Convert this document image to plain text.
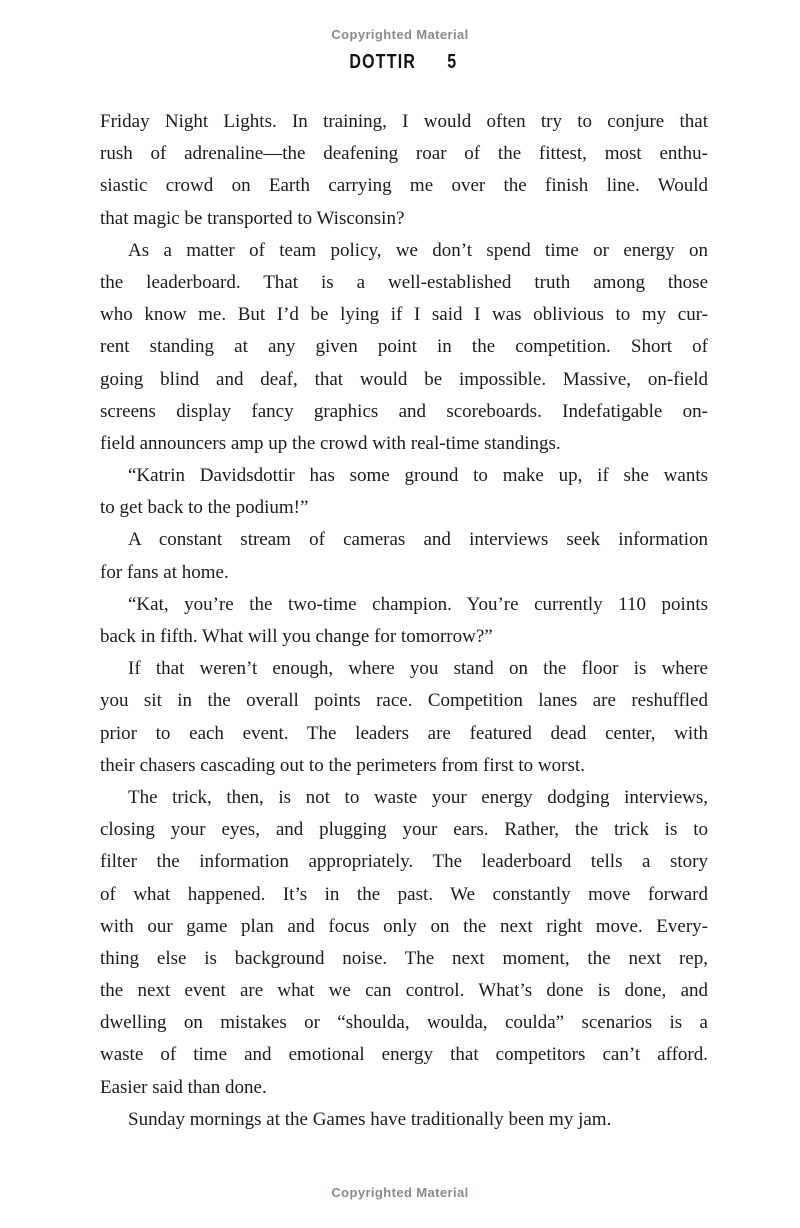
Copyrighted Material
DOTTIR 5

Friday Night Lights. In training, I would often try to conjure that
rush of adrenaline—the deafening roar of the fittest, most enthu-
siastic crowd on Earth carrying me over the finish line. Would
that magic be transported to Wisconsin?

As a matter of team policy, we don’t spend time or energy on
the leaderboard. That is a well-established truth among those
who know me. But I’d be lying if I said I was oblivious to my cur-
rent standing at any given point in the competition. Short of
going blind and deaf, that would be impossible. Massive, on-field
screens display fancy graphics and scoreboards. Indefatigable on-
field announcers amp up the crowd with real-time standings.

“Katrin Davidsdottir has some ground to make up, if she wants
to get back to the podium!”

A constant stream of cameras and interviews seek information
for fans at home.

“Kat, you’re the two-time champion. You’re currently 110 points
back in fifth. What will you change for tomorrow?”

If that weren’t enough, where you stand on the floor is where
you sit in the overall points race. Competition lanes are reshuffled
prior to each event. The leaders are featured dead center, with
their chasers cascading out to the perimeters from first to worst.

The trick, then, is not to waste your energy dodging interviews,
closing your eyes, and plugging your ears. Rather, the trick is to
filter the information appropriately. The leaderboard tells a story
of what happened. It’s in the past. We constantly move forward
with our game plan and focus only on the next right move. Every-
thing else is background noise. The next moment, the next rep,
the next event are what we can control. What’s done is done, and
dwelling on mistakes or “shoulda, woulda, coulda” scenarios is a
waste of time and emotional energy that competitors can’t afford.
Easier said than done.

Sunday mornings at the Games have traditionally been my jam.

Copyrighted Material
